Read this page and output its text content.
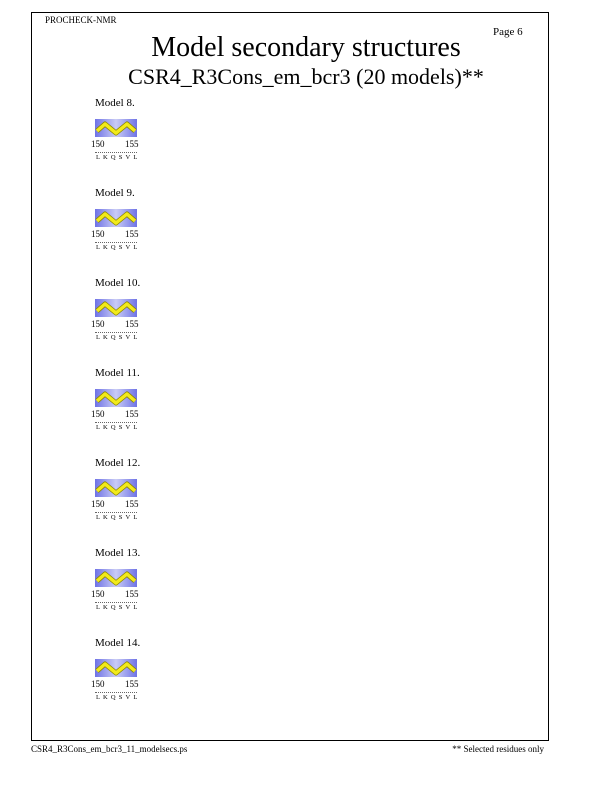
PROCHECK-NMR
Page 6
Model secondary structures
CSR4_R3Cons_em_bcr3 (20 models)**
Model 8.
150 155
L K Q S V L
Model 9.
150 155
L K Q S V L
Model 10.
150 155
L K Q S V L
Model 11.
150 155
L K Q S V L
Model 12.
150 155
L K Q S V L
Model 13.
150 155
L K Q S V L
Model 14.
150 155
L K Q S V L
CSR4_R3Cons_em_bcr3_11_modelsecs.ps	** Selected residues only
